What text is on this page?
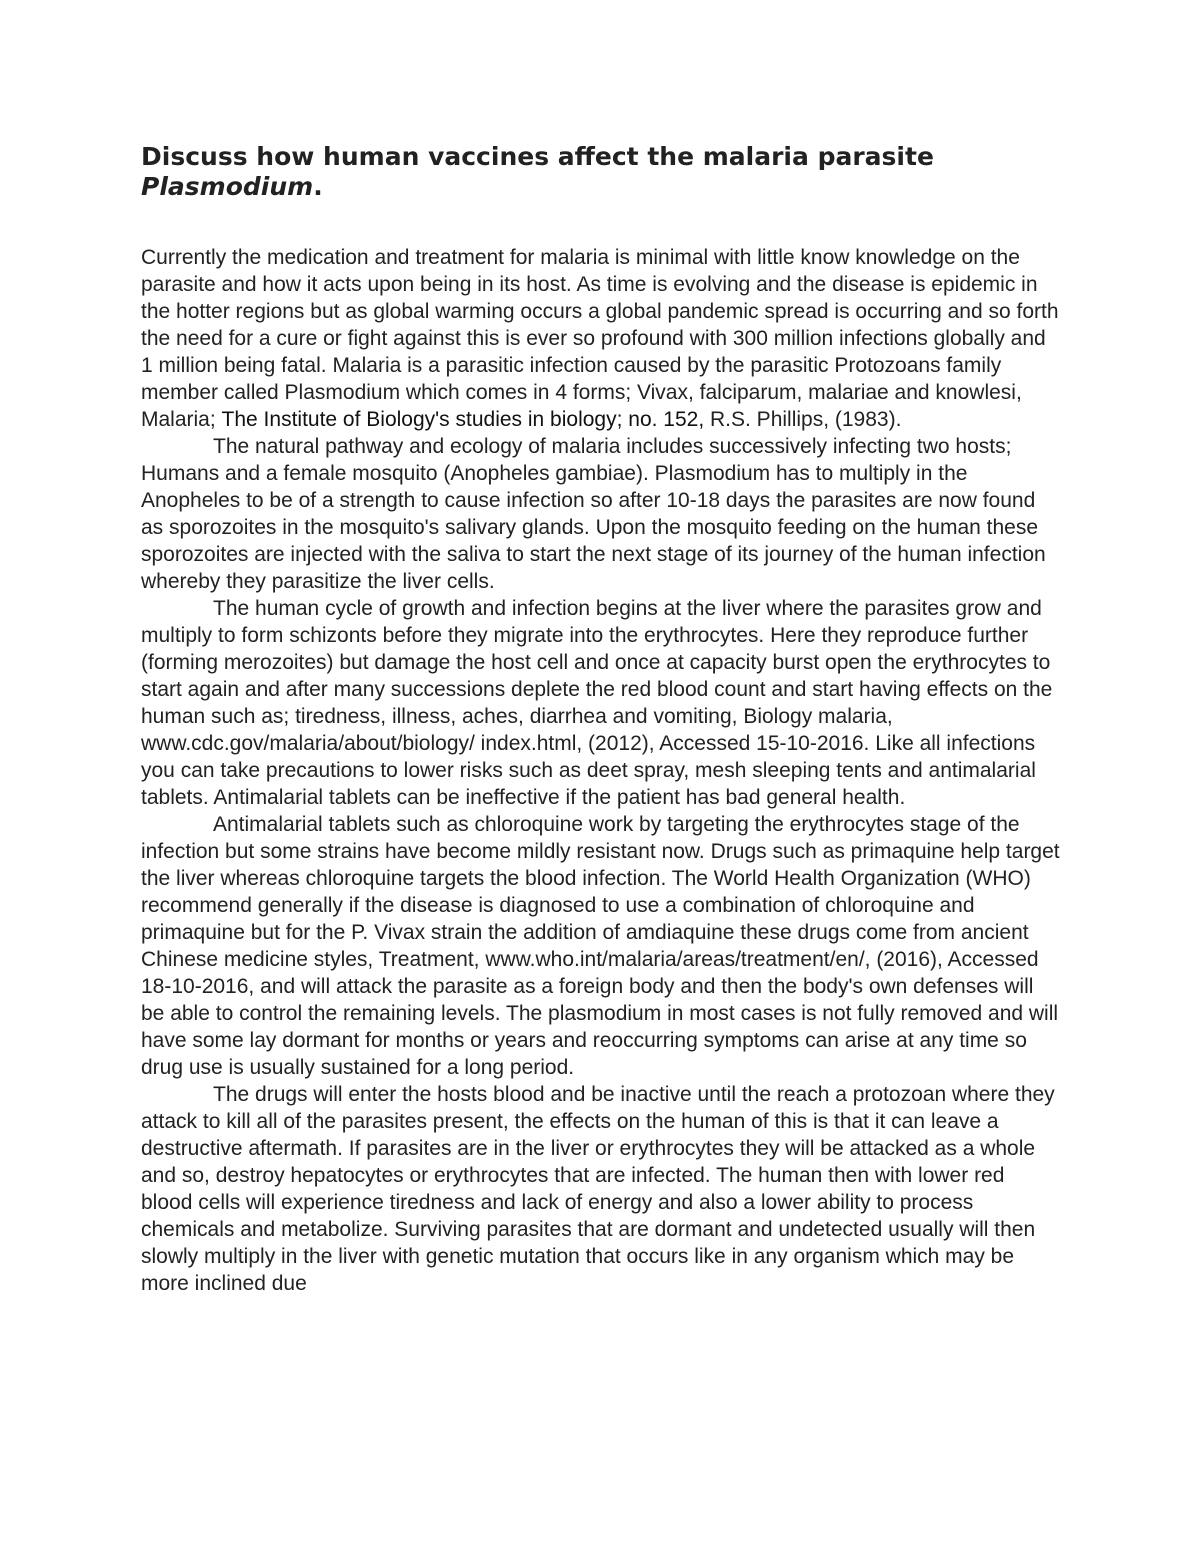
Discuss how human vaccines affect the malaria parasite
Plasmodium.

Currently the medication and treatment for malaria is minimal with little know knowledge on the parasite and how it acts upon being in its host. As time is evolving and the disease is epidemic in the hotter regions but as global warming occurs a global pandemic spread is occurring and so forth the need for a cure or fight against this is ever so profound with 300 million infections globally and 1 million being fatal. Malaria is a parasitic infection caused by the parasitic Protozoans family member called Plasmodium which comes in 4 forms; Vivax, falciparum, malariae and knowlesi, Malaria; The Institute of Biology's studies in biology; no. 152, R.S. Phillips, (1983).

The natural pathway and ecology of malaria includes successively infecting two hosts; Humans and a female mosquito (Anopheles gambiae). Plasmodium has to multiply in the Anopheles to be of a strength to cause infection so after 10-18 days the parasites are now found as sporozoites in the mosquito's salivary glands. Upon the mosquito feeding on the human these sporozoites are injected with the saliva to start the next stage of its journey of the human infection whereby they parasitize the liver cells.

The human cycle of growth and infection begins at the liver where the parasites grow and multiply to form schizonts before they migrate into the erythrocytes. Here they reproduce further (forming merozoites) but damage the host cell and once at capacity burst open the erythrocytes to start again and after many successions deplete the red blood count and start having effects on the human such as; tiredness, illness, aches, diarrhea and vomiting, Biology malaria, www.cdc.gov/malaria/about/biology/ index.html, (2012), Accessed 15-10-2016. Like all infections you can take precautions to lower risks such as deet spray, mesh sleeping tents and antimalarial tablets. Antimalarial tablets can be ineffective if the patient has bad general health.

Antimalarial tablets such as chloroquine work by targeting the erythrocytes stage of the infection but some strains have become mildly resistant now. Drugs such as primaquine help target the liver whereas chloroquine targets the blood infection. The World Health Organization (WHO) recommend generally if the disease is diagnosed to use a combination of chloroquine and primaquine but for the P. Vivax strain the addition of amdiaquine these drugs come from ancient Chinese medicine styles, Treatment, www.who.int/malaria/areas/treatment/en/, (2016), Accessed 18-10-2016, and will attack the parasite as a foreign body and then the body's own defenses will be able to control the remaining levels. The plasmodium in most cases is not fully removed and will have some lay dormant for months or years and reoccurring symptoms can arise at any time so drug use is usually sustained for a long period.

The drugs will enter the hosts blood and be inactive until the reach a protozoan where they attack to kill all of the parasites present, the effects on the human of this is that it can leave a destructive aftermath. If parasites are in the liver or erythrocytes they will be attacked as a whole and so, destroy hepatocytes or erythrocytes that are infected. The human then with lower red blood cells will experience tiredness and lack of energy and also a lower ability to process chemicals and metabolize. Surviving parasites that are dormant and undetected usually will then slowly multiply in the liver with genetic mutation that occurs like in any organism which may be more inclined due
